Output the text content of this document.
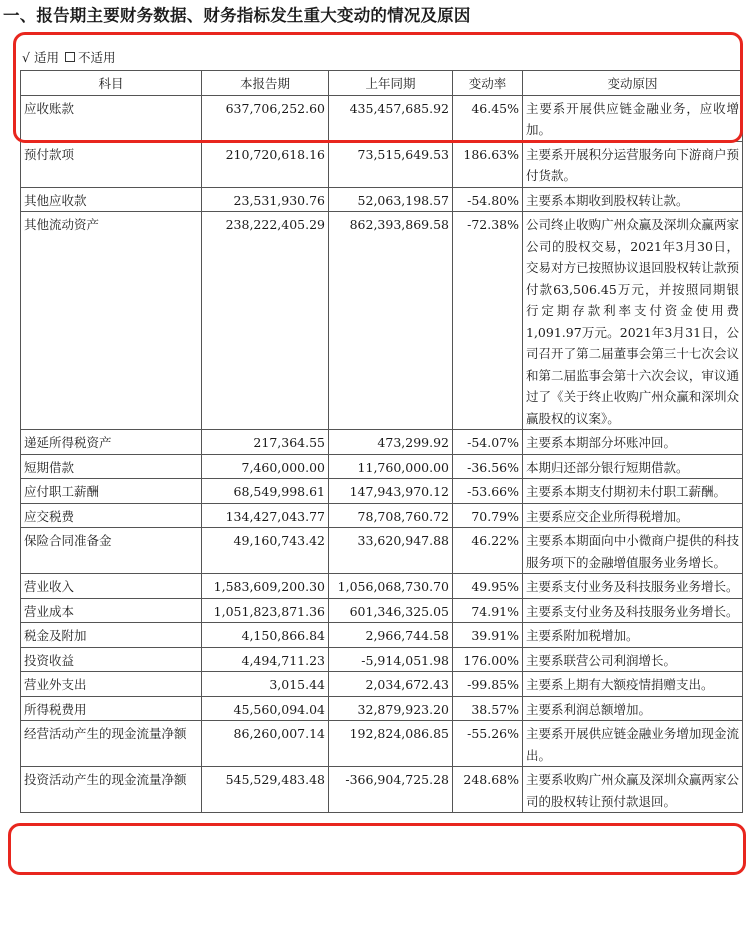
一、报告期主要财务数据、财务指标发生重大变动的情况及原因
√ 适用 不适用
科目	本报告期	上年同期	变动率	变动原因
应收账款	637,706,252.60	435,457,685.92	46.45%	主要系开展供应链金融业务，应收增加。
预付款项	210,720,618.16	73,515,649.53	186.63%	主要系开展积分运营服务向下游商户预付货款。
其他应收款	23,531,930.76	52,063,198.57	-54.80%	主要系本期收到股权转让款。
其他流动资产	238,222,405.29	862,393,869.58	-72.38%	公司终止收购广州众赢及深圳众赢两家公司的股权交易，2021年3月30日，交易对方已按照协议退回股权转让款预付款63,506.45万元，并按照同期银行定期存款利率支付资金使用费1,091.97万元。2021年3月31日，公司召开了第二届董事会第三十七次会议和第二届监事会第十六次会议，审议通过了《关于终止收购广州众赢和深圳众赢股权的议案》。
递延所得税资产	217,364.55	473,299.92	-54.07%	主要系本期部分坏账冲回。
短期借款	7,460,000.00	11,760,000.00	-36.56%	本期归还部分银行短期借款。
应付职工薪酬	68,549,998.61	147,943,970.12	-53.66%	主要系本期支付期初未付职工薪酬。
应交税费	134,427,043.77	78,708,760.72	70.79%	主要系应交企业所得税增加。
保险合同准备金	49,160,743.42	33,620,947.88	46.22%	主要系本期面向中小微商户提供的科技服务项下的金融增值服务业务增长。
营业收入	1,583,609,200.30	1,056,068,730.70	49.95%	主要系支付业务及科技服务业务增长。
营业成本	1,051,823,871.36	601,346,325.05	74.91%	主要系支付业务及科技服务业务增长。
税金及附加	4,150,866.84	2,966,744.58	39.91%	主要系附加税增加。
投资收益	4,494,711.23	-5,914,051.98	176.00%	主要系联营公司利润增长。
营业外支出	3,015.44	2,034,672.43	-99.85%	主要系上期有大额疫情捐赠支出。
所得税费用	45,560,094.04	32,879,923.20	38.57%	主要系利润总额增加。
经营活动产生的现金流量净额	86,260,007.14	192,824,086.85	-55.26%	主要系开展供应链金融业务增加现金流出。
投资活动产生的现金流量净额	545,529,483.48	-366,904,725.28	248.68%	主要系收购广州众赢及深圳众赢两家公司的股权转让预付款退回。
